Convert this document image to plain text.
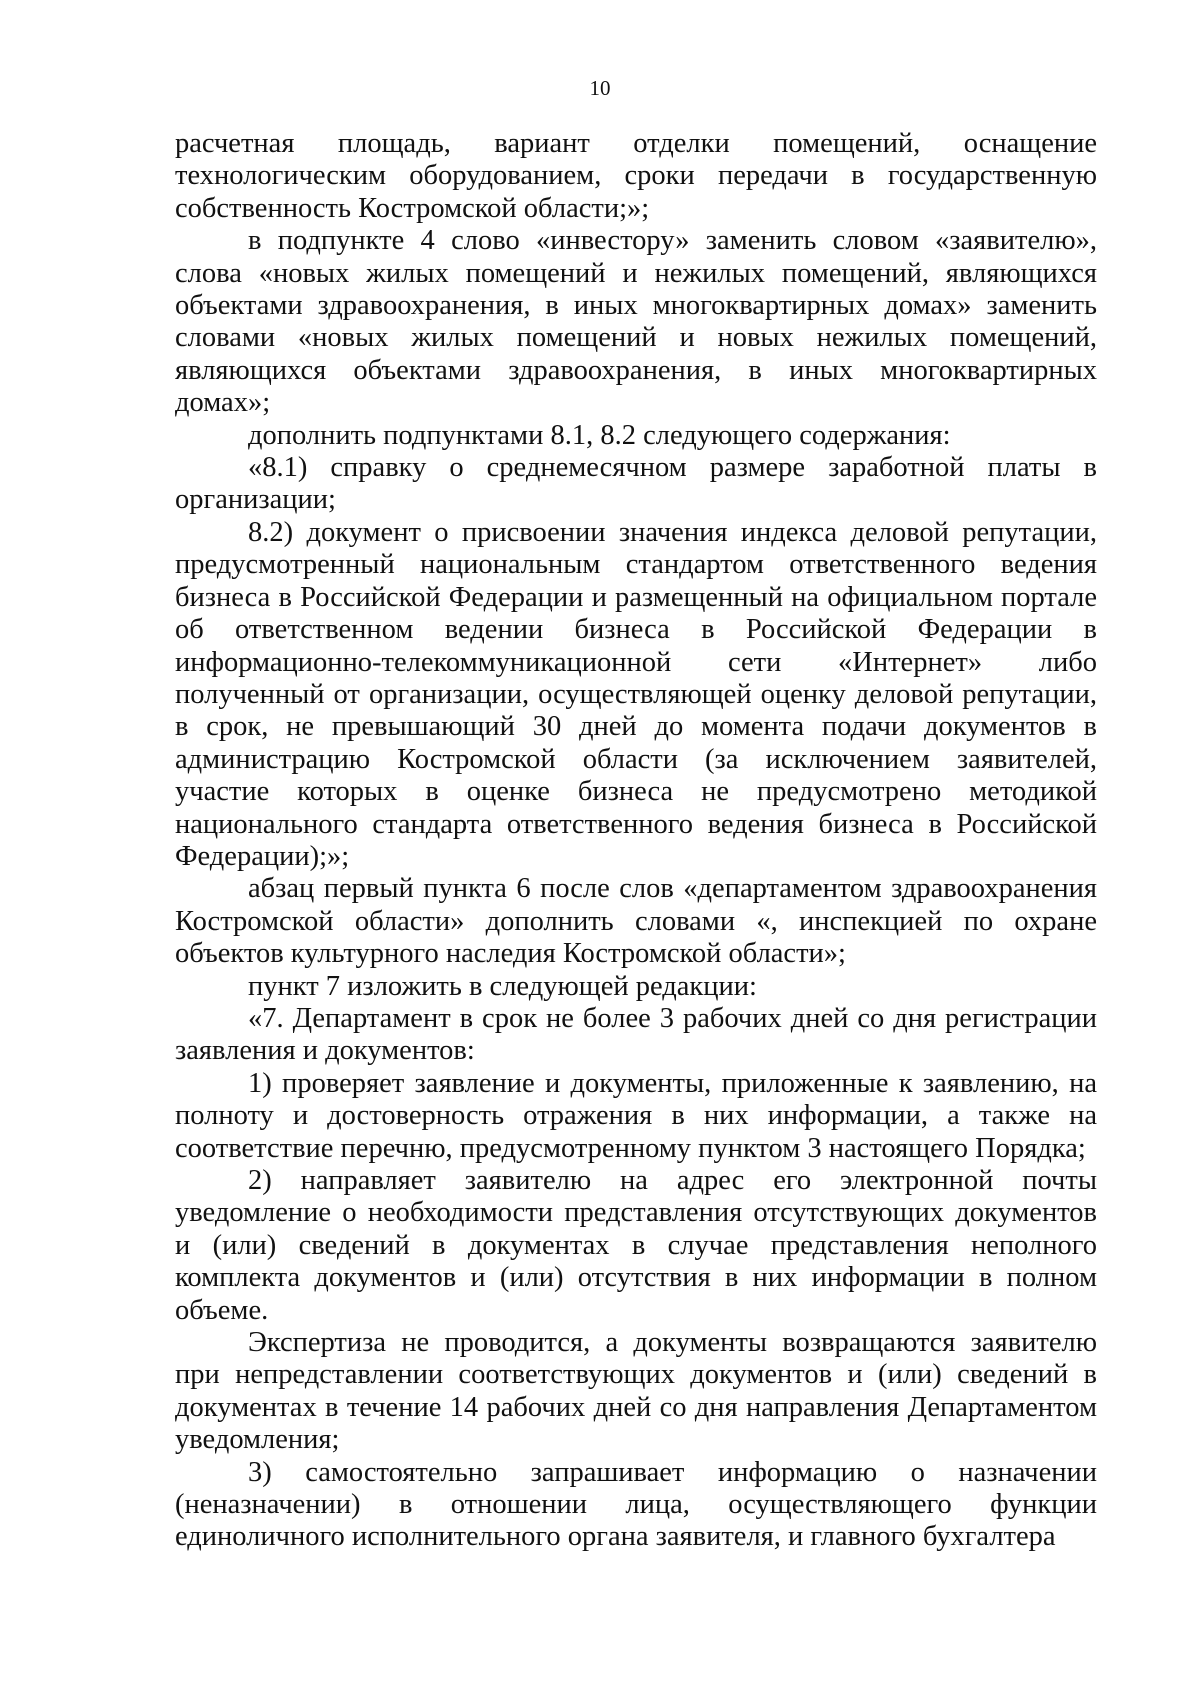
10

расчетная площадь, вариант отделки помещений, оснащение технологическим оборудованием, сроки передачи в государственную собственность Костромской области;»;

в подпункте 4 слово «инвестору» заменить словом «заявителю», слова «новых жилых помещений и нежилых помещений, являющихся объектами здравоохранения, в иных многоквартирных домах» заменить словами «новых жилых помещений и новых нежилых помещений, являющихся объектами здравоохранения, в иных многоквартирных домах»;

дополнить подпунктами 8.1, 8.2 следующего содержания:

«8.1) справку о среднемесячном размере заработной платы в организации;

8.2) документ о присвоении значения индекса деловой репутации, предусмотренный национальным стандартом ответственного ведения бизнеса в Российской Федерации и размещенный на официальном портале об ответственном ведении бизнеса в Российской Федерации в информационно-телекоммуникационной сети «Интернет» либо полученный от организации, осуществляющей оценку деловой репутации, в срок, не превышающий 30 дней до момента подачи документов в администрацию Костромской области (за исключением заявителей, участие которых в оценке бизнеса не предусмотрено методикой национального стандарта ответственного ведения бизнеса в Российской Федерации);»;

абзац первый пункта 6 после слов «департаментом здравоохранения Костромской области» дополнить словами «, инспекцией по охране объектов культурного наследия Костромской области»;

пункт 7 изложить в следующей редакции:

«7. Департамент в срок не более 3 рабочих дней со дня регистрации заявления и документов:

1) проверяет заявление и документы, приложенные к заявлению, на полноту и достоверность отражения в них информации, а также на соответствие перечню, предусмотренному пунктом 3 настоящего Порядка;

2) направляет заявителю на адрес его электронной почты уведомление о необходимости представления отсутствующих документов и (или) сведений в документах в случае представления неполного комплекта документов и (или) отсутствия в них информации в полном объеме.

Экспертиза не проводится, а документы возвращаются заявителю при непредставлении соответствующих документов и (или) сведений в документах в течение 14 рабочих дней со дня направления Департаментом уведомления;

3) самостоятельно запрашивает информацию о назначении (неназначении) в отношении лица, осуществляющего функции единоличного исполнительного органа заявителя, и главного бухгалтера
